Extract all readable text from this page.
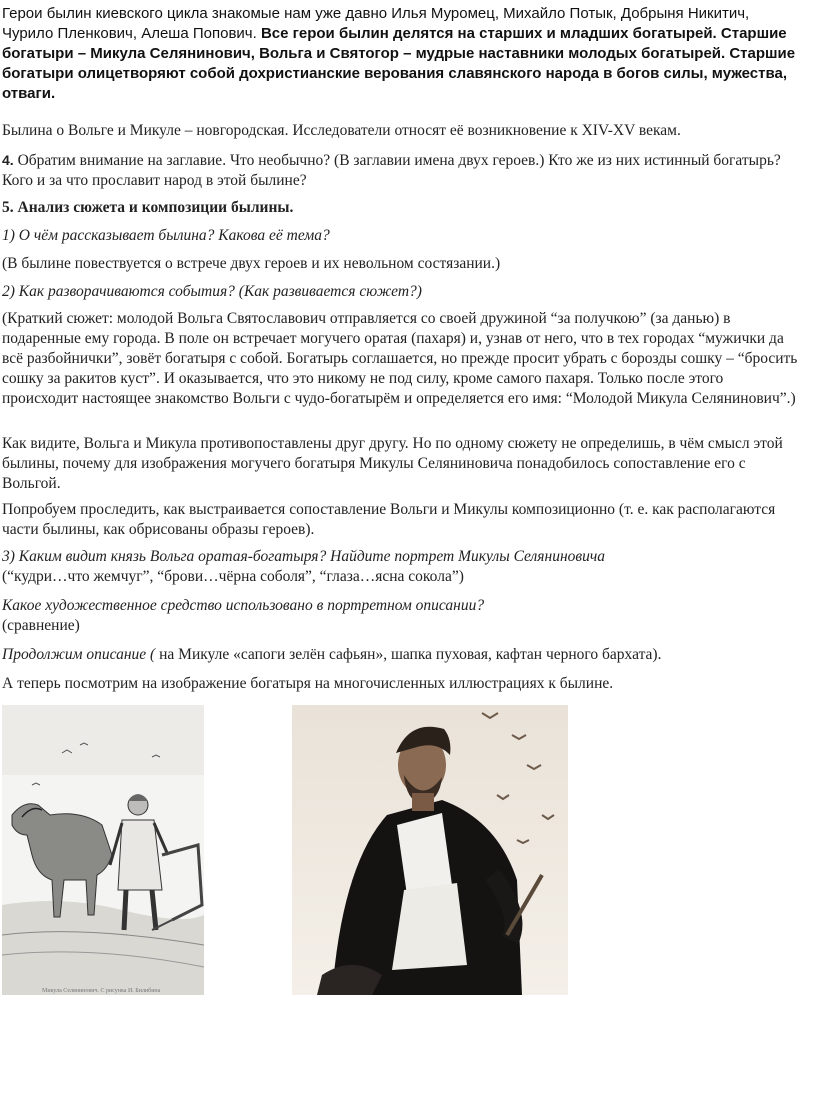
Герои былин киевского цикла знакомые нам уже давно Илья Муромец, Михайло Потык, Добрыня Никитич, Чурило Пленкович, Алеша Попович. Все герои былин делятся на старших и младших богатырей. Старшие богатыри – Микула Селянинович, Вольга и Святогор – мудрые наставники молодых богатырей. Старшие богатыри олицетворяют собой дохристианские верования славянского народа в богов силы, мужества, отваги.

Былина о Вольге и Микуле – новгородская. Исследователи относят её возникновение к XIV-XV векам.

4. Обратим внимание на заглавие. Что необычно? (В заглавии имена двух героев.) Кто же из них истинный богатырь? Кого и за что прославит народ в этой былине?

5. Анализ сюжета и композиции былины.

1) О чём рассказывает былина? Какова её тема?

(В былине повествуется о встрече двух героев и их невольном состязании.)

2) Как разворачиваются события? (Как развивается сюжет?)

(Краткий сюжет: молодой Вольга Святославович отправляется со своей дружиной “за получкою” (за данью) в подаренные ему города. В поле он встречает могучего оратая (пахаря) и, узнав от него, что в тех городах “мужички да всё разбойнички”, зовёт богатыря с собой. Богатырь соглашается, но прежде просит убрать с борозды сошку – “бросить сошку за ракитов куст”. И оказывается, что это никому не под силу, кроме самого пахаря. Только после этого происходит настоящее знакомство Вольги с чудо-богатырём и определяется его имя: “Молодой Микула Селянинович”.)

Как видите, Вольга и Микула противопоставлены друг другу. Но по одному сюжету не определишь, в чём смысл этой былины, почему для изображения могучего богатыря Микулы Селяниновича понадобилось сопоставление его с Вольгой.

Попробуем проследить, как выстраивается сопоставление Вольги и Микулы композиционно (т. е. как располагаются части былины, как обрисованы образы героев).

3) Каким видит князь Вольга оратая-богатыря? Найдите портрет Микулы Селяниновича
(“кудри…что жемчуг”, “брови…чёрна соболя”, “глаза…ясна сокола”)

Какое художественное средство использовано в портретном описании?
(сравнение)

Продолжим описание ( на Микуле «сапоги зелён сафьян», шапка пуховая, кафтан черного бархата).

А теперь посмотрим на изображение богатыря на многочисленных иллюстрациях к былине.

Микула Селянинович. С рисунка И. Билибина
